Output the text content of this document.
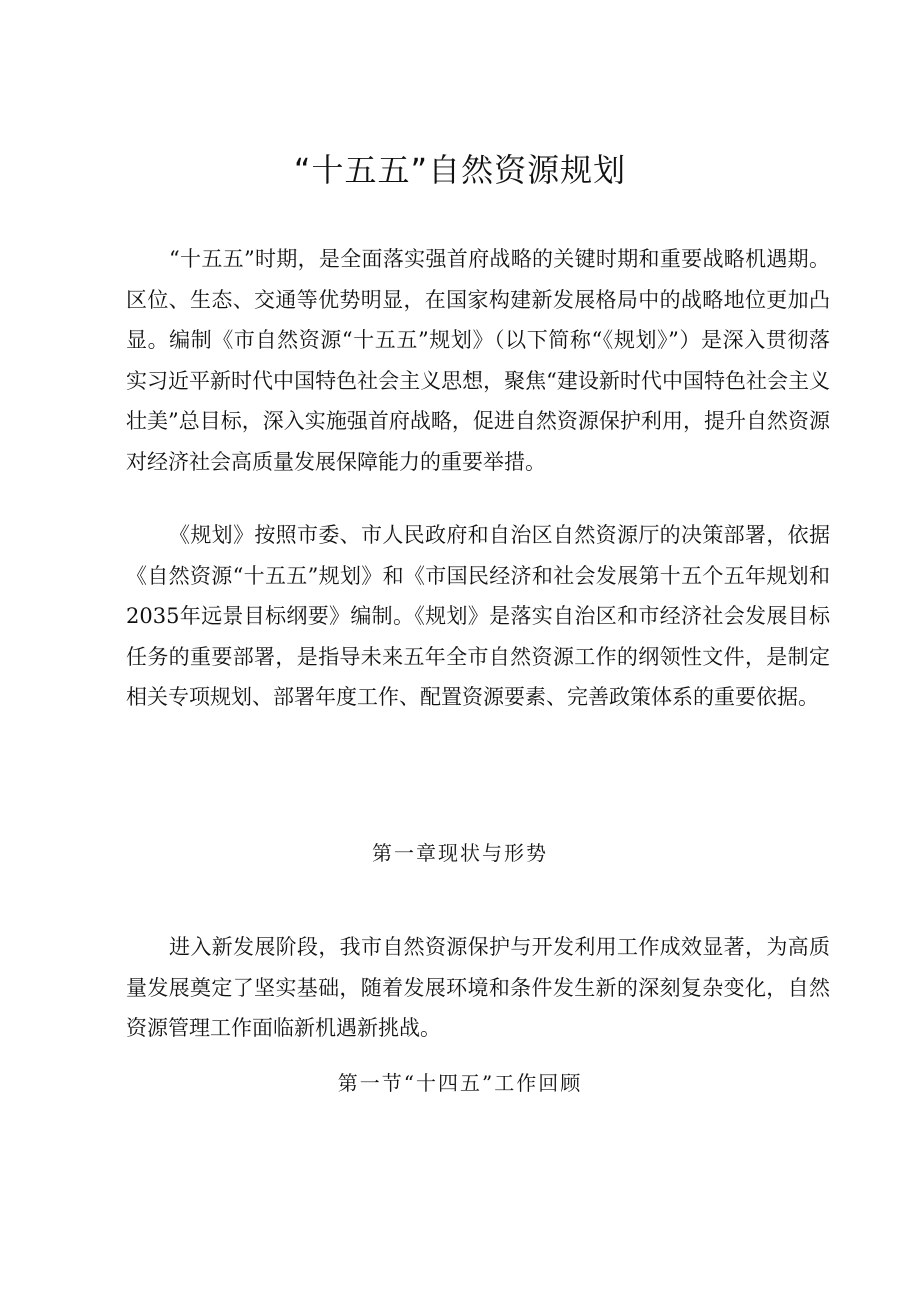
“十五五”自然资源规划

“十五五”时期，是全面落实强首府战略的关键时期和重要战略机遇期。区位、生态、交通等优势明显，在国家构建新发展格局中的战略地位更加凸显。编制《市自然资源“十五五”规划》（以下简称“《规划》”）是深入贯彻落实习近平新时代中国特色社会主义思想，聚焦“建设新时代中国特色社会主义壮美”总目标，深入实施强首府战略，促进自然资源保护利用，提升自然资源对经济社会高质量发展保障能力的重要举措。

《规划》按照市委、市人民政府和自治区自然资源厅的决策部署，依据《自然资源“十五五”规划》和《市国民经济和社会发展第十五个五年规划和2035年远景目标纲要》编制。《规划》是落实自治区和市经济社会发展目标任务的重要部署，是指导未来五年全市自然资源工作的纲领性文件，是制定相关专项规划、部署年度工作、配置资源要素、完善政策体系的重要依据。

第一章现状与形势

进入新发展阶段，我市自然资源保护与开发利用工作成效显著，为高质量发展奠定了坚实基础，随着发展环境和条件发生新的深刻复杂变化，自然资源管理工作面临新机遇新挑战。

第一节“十四五”工作回顾
